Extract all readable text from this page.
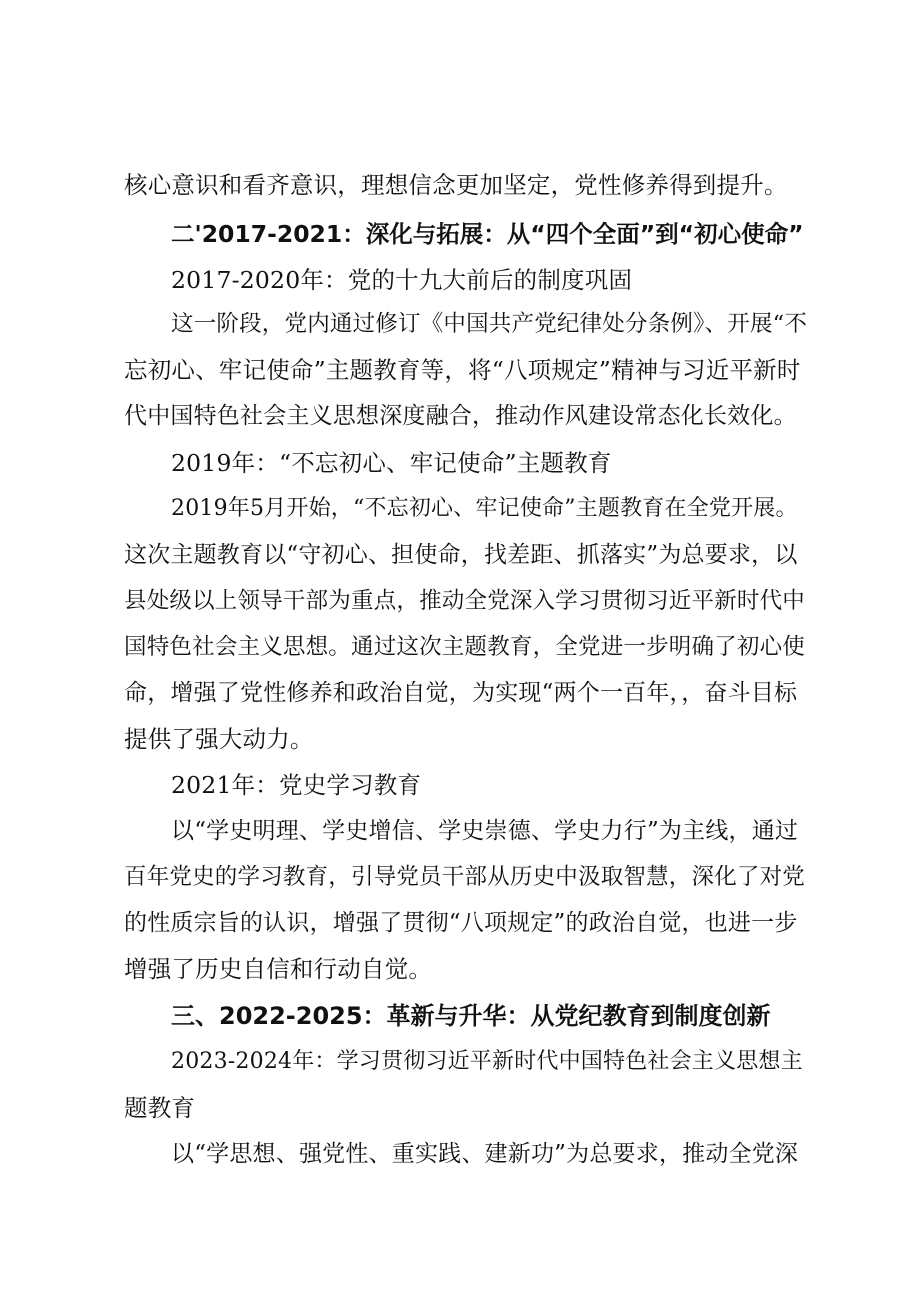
核心意识和看齐意识，理想信念更加坚定，党性修养得到提升。
二'2017-2021：深化与拓展：从“四个全面”到“初心使命”
2017-2020年：党的十九大前后的制度巩固
这一阶段，党内通过修订《中国共产党纪律处分条例》、开展“不
忘初心、牢记使命”主题教育等，将“八项规定”精神与习近平新时
代中国特色社会主义思想深度融合，推动作风建设常态化长效化。
2019年：“不忘初心、牢记使命”主题教育
2019年5月开始，“不忘初心、牢记使命”主题教育在全党开展。
这次主题教育以“守初心、担使命，找差距、抓落实”为总要求，以
县处级以上领导干部为重点，推动全党深入学习贯彻习近平新时代中
国特色社会主义思想。通过这次主题教育，全党进一步明确了初心使
命，增强了党性修养和政治自觉，为实现“两个一百年，，奋斗目标
提供了强大动力。
2021年：党史学习教育
以“学史明理、学史增信、学史崇德、学史力行”为主线，通过
百年党史的学习教育，引导党员干部从历史中汲取智慧，深化了对党
的性质宗旨的认识，增强了贯彻“八项规定”的政治自觉，也进一步
增强了历史自信和行动自觉。
三、2022-2025：革新与升华：从党纪教育到制度创新
2023-2024年：学习贯彻习近平新时代中国特色社会主义思想主
题教育
以“学思想、强党性、重实践、建新功”为总要求，推动全党深
